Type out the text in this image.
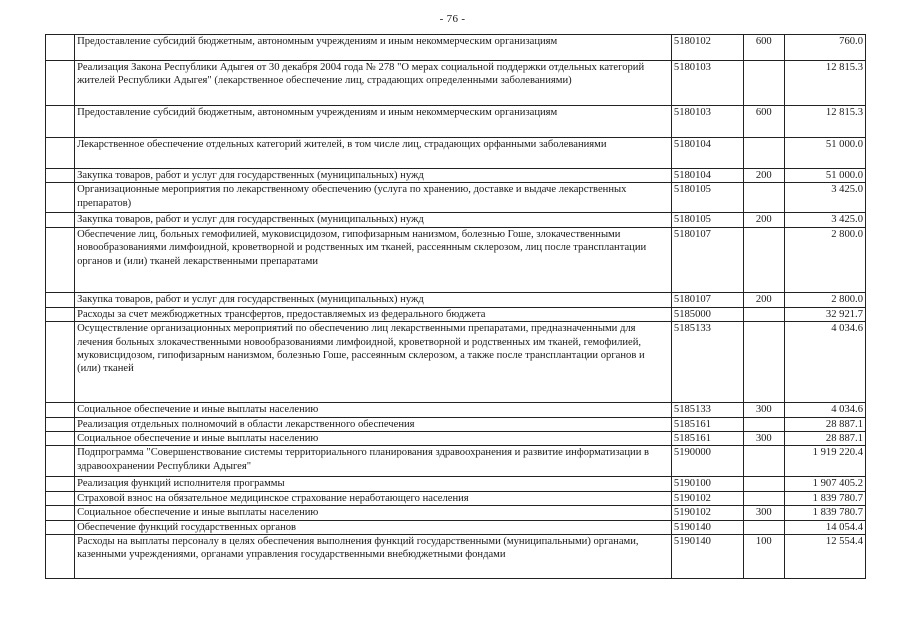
- 76 -
	Предоставление субсидий бюджетным, автономным учреждениям и иным некоммерческим организациям	5180102	600	760.0
	Реализация Закона Республики Адыгея от 30 декабря 2004 года № 278 "О мерах социальной поддержки отдельных категорий жителей Республики Адыгея" (лекарственное обеспечение лиц, страдающих определенными заболеваниями)	5180103		12 815.3
	Предоставление субсидий бюджетным, автономным учреждениям и иным некоммерческим организациям	5180103	600	12 815.3
	Лекарственное обеспечение отдельных категорий жителей, в том числе лиц, страдающих орфанными заболеваниями	5180104		51 000.0
	Закупка товаров, работ и услуг для государственных (муниципальных) нужд	5180104	200	51 000.0
	Организационные мероприятия по лекарственному обеспечению (услуга по хранению, доставке и выдаче лекарственных препаратов)	5180105		3 425.0
	Закупка товаров, работ и услуг для государственных (муниципальных) нужд	5180105	200	3 425.0
	Обеспечение лиц, больных гемофилией, муковисцидозом, гипофизарным нанизмом, болезнью Гоше, злокачественными новообразованиями лимфоидной, кроветворной и родственных им тканей, рассеянным склерозом, лиц после трансплантации органов и (или) тканей лекарственными препаратами	5180107		2 800.0
	Закупка товаров, работ и услуг для государственных (муниципальных) нужд	5180107	200	2 800.0
	Расходы за счет межбюджетных трансфертов, предоставляемых из федерального бюджета	5185000		32 921.7
	Осуществление организационных мероприятий по обеспечению лиц лекарственными препаратами, предназначенными для лечения больных злокачественными новообразованиями лимфоидной, кроветворной и родственных им тканей, гемофилией, муковисцидозом, гипофизарным нанизмом, болезнью Гоше, рассеянным склерозом, а также после трансплантации органов и (или) тканей	5185133		4 034.6
	Социальное обеспечение и иные выплаты населению	5185133	300	4 034.6
	Реализация отдельных полномочий в области лекарственного обеспечения	5185161		28 887.1
	Социальное обеспечение и иные выплаты населению	5185161	300	28 887.1
	Подпрограмма "Совершенствование системы территориального планирования здравоохранения и развитие информатизации в здравоохранении Республики Адыгея"	5190000		1 919 220.4
	Реализация функций исполнителя программы	5190100		1 907 405.2
	Страховой взнос на обязательное медицинское страхование неработающего населения	5190102		1 839 780.7
	Социальное обеспечение и иные выплаты населению	5190102	300	1 839 780.7
	Обеспечение функций государственных органов	5190140		14 054.4
	Расходы на выплаты персоналу в целях обеспечения выполнения функций государственными (муниципальными) органами, казенными учреждениями, органами управления государственными внебюджетными фондами	5190140	100	12 554.4
